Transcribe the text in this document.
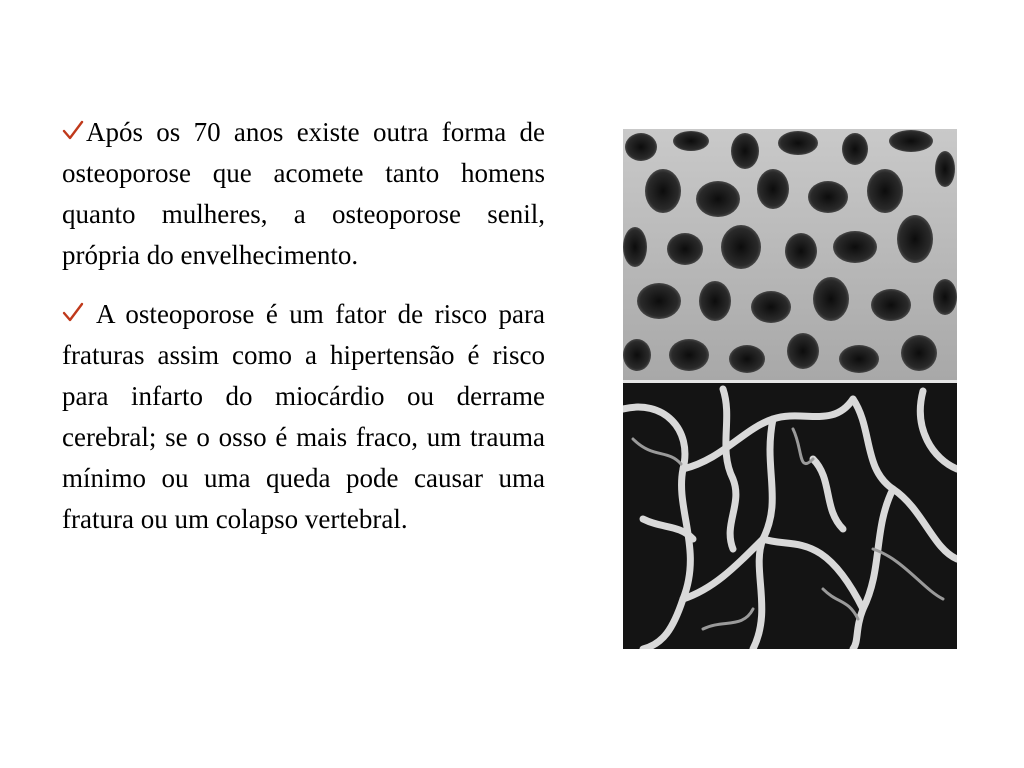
Após os 70 anos existe outra forma de osteoporose que acomete tanto homens quanto mulheres, a osteoporose senil, própria do envelhecimento.

A osteoporose é um fator de risco para fraturas assim como a hipertensão é risco para infarto do miocárdio ou derrame cerebral; se o osso é mais fraco, um trauma mínimo ou uma queda pode causar uma fratura ou um colapso vertebral.
